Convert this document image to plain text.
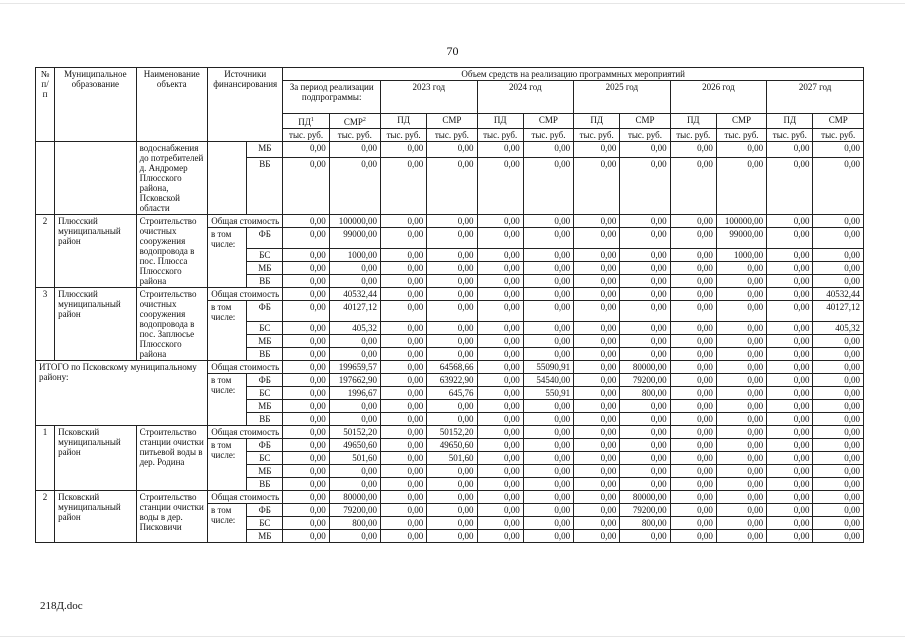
70
№ п/п	Муниципальное образование	Наименование объекта	Источники финансирования		Объем средств на реализацию программных мероприятий											
					За период реализации подпрограммы:		2023 год		2024 год		2025 год		2026 год		2027 год	
					$ПД^1$	СМР$^2$	ПД	СМР	ПД	СМР	ПД	СМР	ПД	СМР	ПД	СМР
					тыс. руб.	тыс. руб.	тыс. руб.	тыс. руб.	тыс. руб.	тыс. руб.	тыс. руб.	тыс. руб.	тыс. руб.	тыс. руб.	тыс. руб.	тыс. руб.
		водоснабжения до потребителей д. Андромер Плюсского района, Псковской области		МБ	0,00	0,00	0,00	0,00	0,00	0,00	0,00	0,00	0,00	0,00	0,00	0,00
				ВБ	0,00	0,00	0,00	0,00	0,00	0,00	0,00	0,00	0,00	0,00	0,00	0,00
2	Плюсский муниципальный район	Строительство очистных сооружения водопровода в пос. Плюсса Плюсского района	Общая стоимость		0,00	100000,00	0,00	0,00	0,00	0,00	0,00	0,00	0,00	100000,00	0,00	0,00
			в том числе:	ФБ	0,00	99000,00	0,00	0,00	0,00	0,00	0,00	0,00	0,00	99000,00	0,00	0,00
				БС	0,00	1000,00	0,00	0,00	0,00	0,00	0,00	0,00	0,00	1000,00	0,00	0,00
				МБ	0,00	0,00	0,00	0,00	0,00	0,00	0,00	0,00	0,00	0,00	0,00	0,00
				ВБ	0,00	0,00	0,00	0,00	0,00	0,00	0,00	0,00	0,00	0,00	0,00	0,00
3	Плюсский муниципальный район	Строительство очистных сооружения водопровода в пос. Заплюсье Плюсского района	Общая стоимость		0,00	40532,44	0,00	0,00	0,00	0,00	0,00	0,00	0,00	0,00	0,00	40532,44
			в том числе:	ФБ	0,00	40127,12	0,00	0,00	0,00	0,00	0,00	0,00	0,00	0,00	0,00	40127,12
				БС	0,00	405,32	0,00	0,00	0,00	0,00	0,00	0,00	0,00	0,00	0,00	405,32
				МБ	0,00	0,00	0,00	0,00	0,00	0,00	0,00	0,00	0,00	0,00	0,00	0,00
				ВБ	0,00	0,00	0,00	0,00	0,00	0,00	0,00	0,00	0,00	0,00	0,00	0,00
ИТОГО по Псковскому муниципальному району:			Общая стоимость		0,00	199659,57	0,00	64568,66	0,00	55090,91	0,00	80000,00	0,00	0,00	0,00	0,00
			в том числе:	ФБ	0,00	197662,90	0,00	63922,90	0,00	54540,00	0,00	79200,00	0,00	0,00	0,00	0,00
				БС	0,00	1996,67	0,00	645,76	0,00	550,91	0,00	800,00	0,00	0,00	0,00	0,00
				МБ	0,00	0,00	0,00	0,00	0,00	0,00	0,00	0,00	0,00	0,00	0,00	0,00
				ВБ	0,00	0,00	0,00	0,00	0,00	0,00	0,00	0,00	0,00	0,00	0,00	0,00
1	Псковский муниципальный район	Строительство станции очистки питьевой воды в дер. Родина	Общая стоимость		0,00	50152,20	0,00	50152,20	0,00	0,00	0,00	0,00	0,00	0,00	0,00	0,00
			в том числе:	ФБ	0,00	49650,60	0,00	49650,60	0,00	0,00	0,00	0,00	0,00	0,00	0,00	0,00
				БС	0,00	501,60	0,00	501,60	0,00	0,00	0,00	0,00	0,00	0,00	0,00	0,00
				МБ	0,00	0,00	0,00	0,00	0,00	0,00	0,00	0,00	0,00	0,00	0,00	0,00
				ВБ	0,00	0,00	0,00	0,00	0,00	0,00	0,00	0,00	0,00	0,00	0,00	0,00
2	Псковский муниципальный район	Строительство станции очистки воды в дер. Писковичи	Общая стоимость		0,00	80000,00	0,00	0,00	0,00	0,00	0,00	80000,00	0,00	0,00	0,00	0,00
			в том числе:	ФБ	0,00	79200,00	0,00	0,00	0,00	0,00	0,00	79200,00	0,00	0,00	0,00	0,00
				БС	0,00	800,00	0,00	0,00	0,00	0,00	0,00	800,00	0,00	0,00	0,00	0,00
				МБ	0,00	0,00	0,00	0,00	0,00	0,00	0,00	0,00	0,00	0,00	0,00	0,00
218Д.doc
